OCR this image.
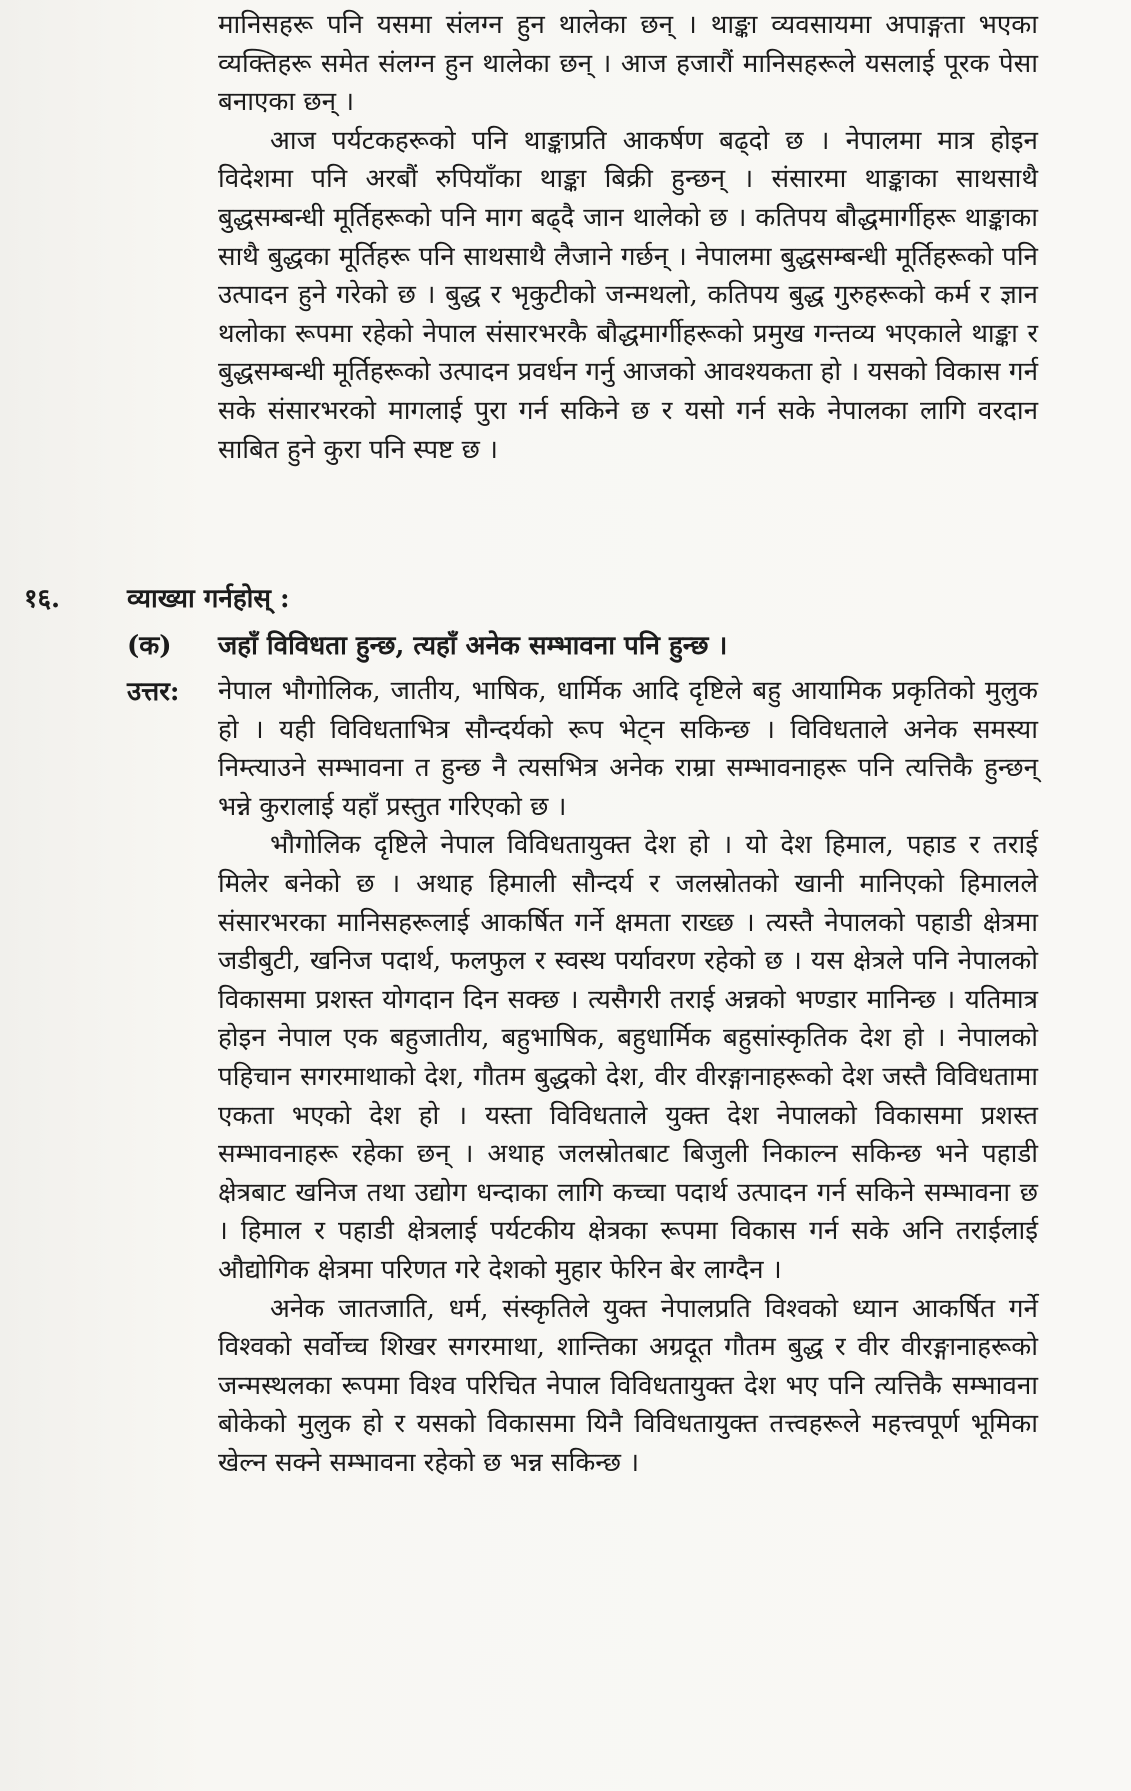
मानिसहरू पनि यसमा संलग्न हुन थालेका छन् । थाङ्का व्यवसायमा अपाङ्गता भएका व्यक्तिहरू समेत संलग्न हुन थालेका छन् । आज हजारौं मानिसहरूले यसलाई पूरक पेसा बनाएका छन् ।

आज पर्यटकहरूको पनि थाङ्काप्रति आकर्षण बढ्दो छ । नेपालमा मात्र होइन विदेशमा पनि अरबौं रुपियाँका थाङ्का बिक्री हुन्छन् । संसारमा थाङ्काका साथसाथै बुद्धसम्बन्धी मूर्तिहरूको पनि माग बढ्दै जान थालेको छ । कतिपय बौद्धमार्गीहरू थाङ्काका साथै बुद्धका मूर्तिहरू पनि साथसाथै लैजाने गर्छन् । नेपालमा बुद्धसम्बन्धी मूर्तिहरूको पनि उत्पादन हुने गरेको छ । बुद्ध र भृकुटीको जन्मथलो, कतिपय बुद्ध गुरुहरूको कर्म र ज्ञान थलोका रूपमा रहेको नेपाल संसारभरकै बौद्धमार्गीहरूको प्रमुख गन्तव्य भएकाले थाङ्का र बुद्धसम्बन्धी मूर्तिहरूको उत्पादन प्रवर्धन गर्नु आजको आवश्यकता हो । यसको विकास गर्न सके संसारभरको मागलाई पुरा गर्न सकिने छ र यसो गर्न सके नेपालका लागि वरदान साबित हुने कुरा पनि स्पष्ट छ ।

१६.	व्याख्या गर्नहोस् :
(क) जहाँ विविधता हुन्छ, त्यहाँ अनेक सम्भावना पनि हुन्छ ।
उत्तर: नेपाल भौगोलिक, जातीय, भाषिक, धार्मिक आदि दृष्टिले बहु आयामिक प्रकृतिको मुलुक हो । यही विविधताभित्र सौन्दर्यको रूप भेट्न सकिन्छ । विविधताले अनेक समस्या निम्त्याउने सम्भावना त हुन्छ नै त्यसभित्र अनेक राम्रा सम्भावनाहरू पनि त्यत्तिकै हुन्छन् भन्ने कुरालाई यहाँ प्रस्तुत गरिएको छ ।

भौगोलिक दृष्टिले नेपाल विविधतायुक्त देश हो । यो देश हिमाल, पहाड र तराई मिलेर बनेको छ । अथाह हिमाली सौन्दर्य र जलस्रोतको खानी मानिएको हिमालले संसारभरका मानिसहरूलाई आकर्षित गर्ने क्षमता राख्छ । त्यस्तै नेपालको पहाडी क्षेत्रमा जडीबुटी, खनिज पदार्थ, फलफुल र स्वस्थ पर्यावरण रहेको छ । यस क्षेत्रले पनि नेपालको विकासमा प्रशस्त योगदान दिन सक्छ । त्यसैगरी तराई अन्नको भण्डार मानिन्छ । यतिमात्र होइन नेपाल एक बहुजातीय, बहुभाषिक, बहुधार्मिक बहुसांस्कृतिक देश हो । नेपालको पहिचान सगरमाथाको देश, गौतम बुद्धको देश, वीर वीरङ्गानाहरूको देश जस्तै विविधतामा एकता भएको देश हो । यस्ता विविधताले युक्त देश नेपालको विकासमा प्रशस्त सम्भावनाहरू रहेका छन् । अथाह जलस्रोतबाट बिजुली निकाल्न सकिन्छ भने पहाडी क्षेत्रबाट खनिज तथा उद्योग धन्दाका लागि कच्चा पदार्थ उत्पादन गर्न सकिने सम्भावना छ । हिमाल र पहाडी क्षेत्रलाई पर्यटकीय क्षेत्रका रूपमा विकास गर्न सके अनि तराईलाई औद्योगिक क्षेत्रमा परिणत गरे देशको मुहार फेरिन बेर लाग्दैन ।

अनेक जातजाति, धर्म, संस्कृतिले युक्त नेपालप्रति विश्वको ध्यान आकर्षित गर्ने विश्वको सर्वोच्च शिखर सगरमाथा, शान्तिका अग्रदूत गौतम बुद्ध र वीर वीरङ्गानाहरूको जन्मस्थलका रूपमा विश्व परिचित नेपाल विविधतायुक्त देश भए पनि त्यत्तिकै सम्भावना बोकेको मुलुक हो र यसको विकासमा यिनै विविधतायुक्त तत्त्वहरूले महत्त्वपूर्ण भूमिका खेल्न सक्ने सम्भावना रहेको छ भन्न सकिन्छ ।
